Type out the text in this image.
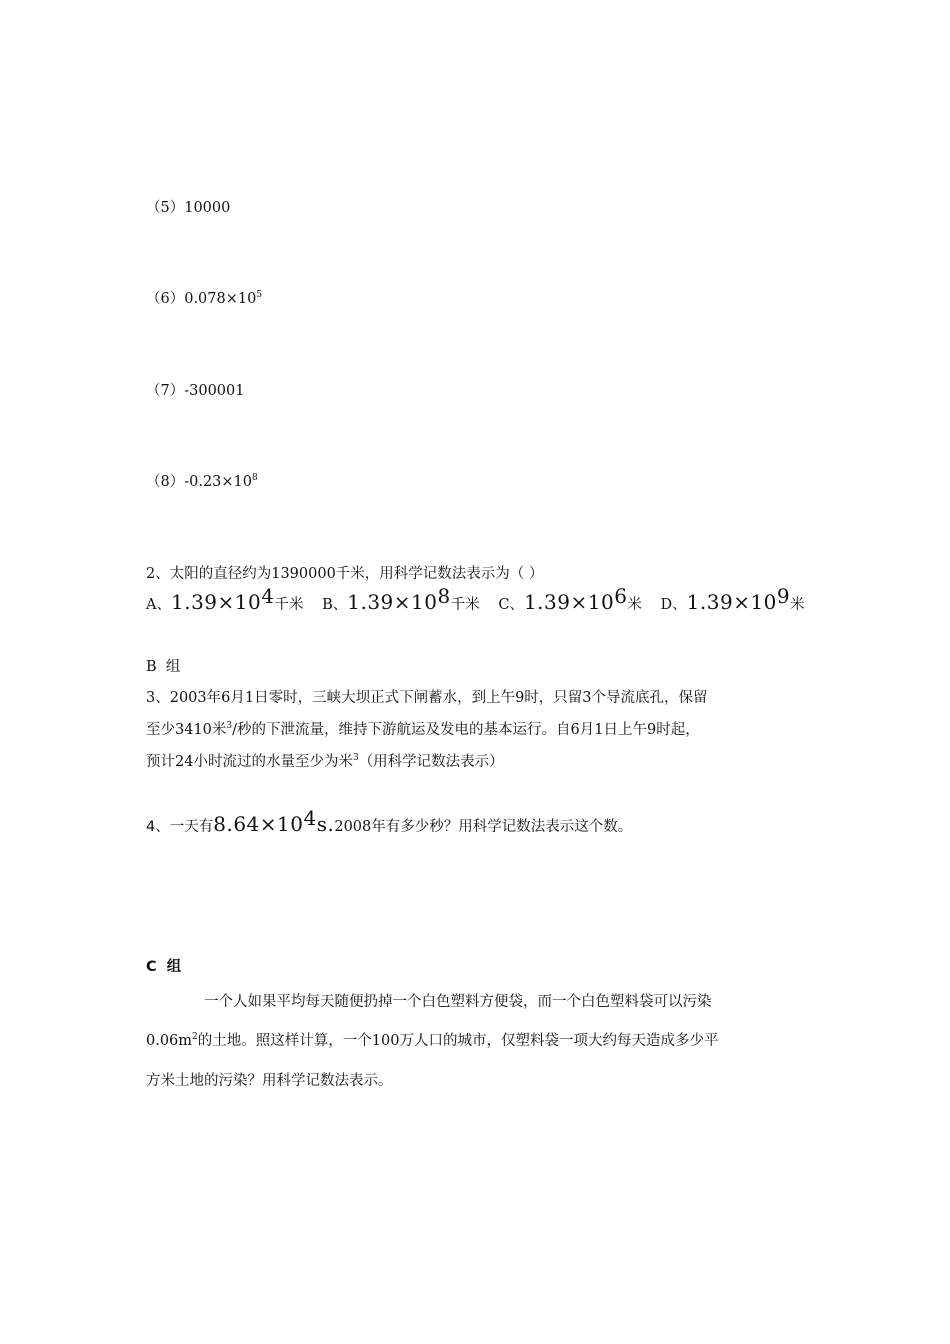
（5）10000
$(6)0.078\times 10^5$
（7）-300001
$(8)-0.23\times 10^8$
2、太阳的直径约为1390000千米，用科学记数法表示为（ ）
A、$1.39\times 10^4$千米 B、$1.39\times 10^8$千米 C、$1.39\times 10^6$米 D、$1.39\times 10^9$米
B  组
3、2003年6月1日零时，三峡大坝正式下闸蓄水，到上午9时，只留3个导流底孔，保留
至少3410米$^3$/秒的下泄流量，维持下游航运及发电的基本运行。自6月1日上午9时起，
预计24小时流过的水量至少为米$^3$（用科学记数法表示）
4、一天有$8.64\times 10^4s.2008$年有多少秒？用科学记数法表示这个数。
C  组
一个人如果平均每天随便扔掉一个白色塑料方便袋，而一个白色塑料袋可以污染
$0.06m^2$的土地。照这样计算，一个100万人口的城市，仅塑料袋一项大约每天造成多少平
方米土地的污染？用科学记数法表示。
